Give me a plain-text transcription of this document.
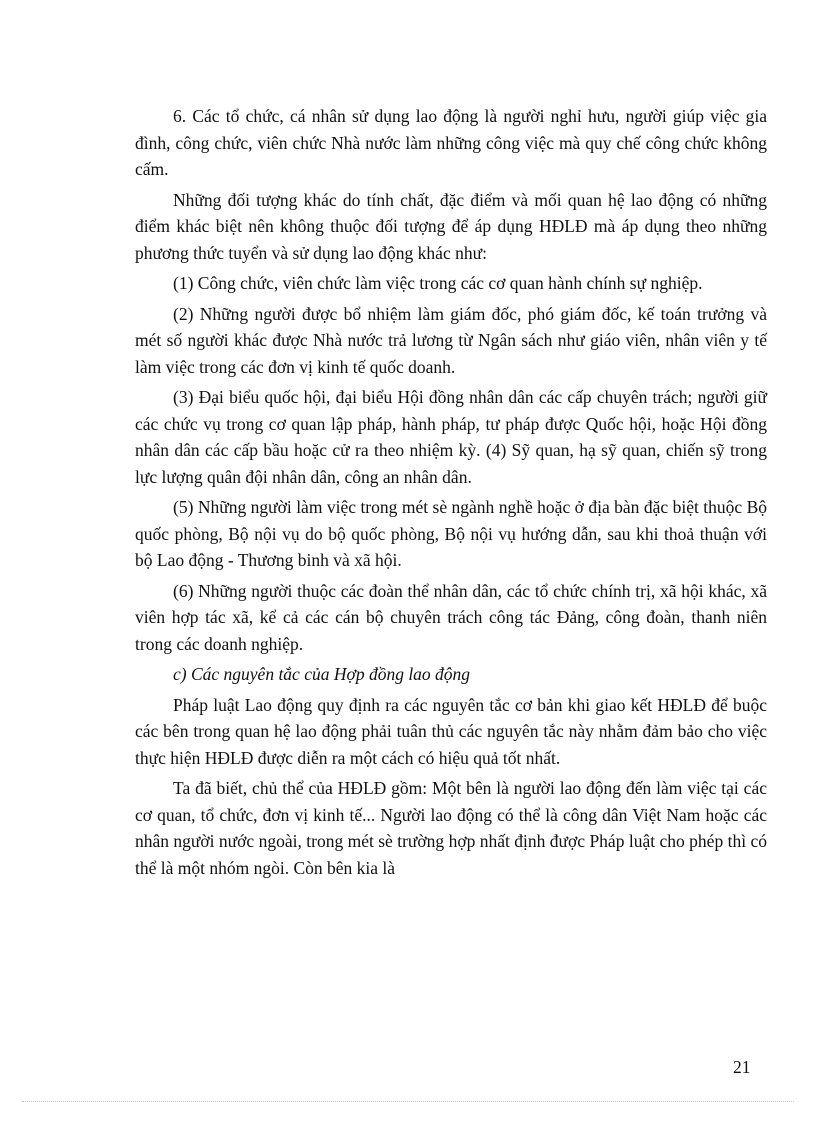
6. Các tổ chức, cá nhân sử dụng lao động là người nghỉ hưu, người giúp việc gia đình, công chức, viên chức Nhà nước làm những công việc mà quy chế công chức không cấm.

Những đối tượng khác do tính chất, đặc điểm và mối quan hệ lao động có những điểm khác biệt nên không thuộc đối tượng để áp dụng HĐLĐ mà áp dụng theo những phương thức tuyển và sử dụng lao động khác như:

(1) Công chức, viên chức làm việc trong các cơ quan hành chính sự nghiệp.

(2) Những người được bổ nhiệm làm giám đốc, phó giám đốc, kế toán trưởng và mét số người khác được Nhà nước trả lương từ Ngân sách như giáo viên, nhân viên y tế làm việc trong các đơn vị kinh tế quốc doanh.

(3) Đại biểu quốc hội, đại biểu Hội đồng nhân dân các cấp chuyên trách; người giữ các chức vụ trong cơ quan lập pháp, hành pháp, tư pháp được Quốc hội, hoặc Hội đồng nhân dân các cấp bầu hoặc cử ra theo nhiệm kỳ. (4) Sỹ quan, hạ sỹ quan, chiến sỹ trong lực lượng quân đội nhân dân, công an nhân dân.

(5) Những người làm việc trong mét sè ngành nghề hoặc ở địa bàn đặc biệt thuộc Bộ quốc phòng, Bộ nội vụ do bộ quốc phòng, Bộ nội vụ hướng dẫn, sau khi thoả thuận với bộ Lao động - Thương binh và xã hội.

(6) Những người thuộc các đoàn thể nhân dân, các tổ chức chính trị, xã hội khác, xã viên hợp tác xã, kể cả các cán bộ chuyên trách công tác Đảng, công đoàn, thanh niên trong các doanh nghiệp.

c) Các nguyên tắc của Hợp đồng lao động

Pháp luật Lao động quy định ra các nguyên tắc cơ bản khi giao kết HĐLĐ để buộc các bên trong quan hệ lao động phải tuân thủ các nguyên tắc này nhằm đảm bảo cho việc thực hiện HĐLĐ được diễn ra một cách có hiệu quả tốt nhất.

Ta đã biết, chủ thể của HĐLĐ gồm: Một bên là người lao động đến làm việc tại các cơ quan, tổ chức, đơn vị kinh tế... Người lao động có thể là công dân Việt Nam hoặc các nhân người nước ngoài, trong mét sè trường hợp nhất định được Pháp luật cho phép thì có thể là một nhóm ngòi. Còn bên kia là

21
